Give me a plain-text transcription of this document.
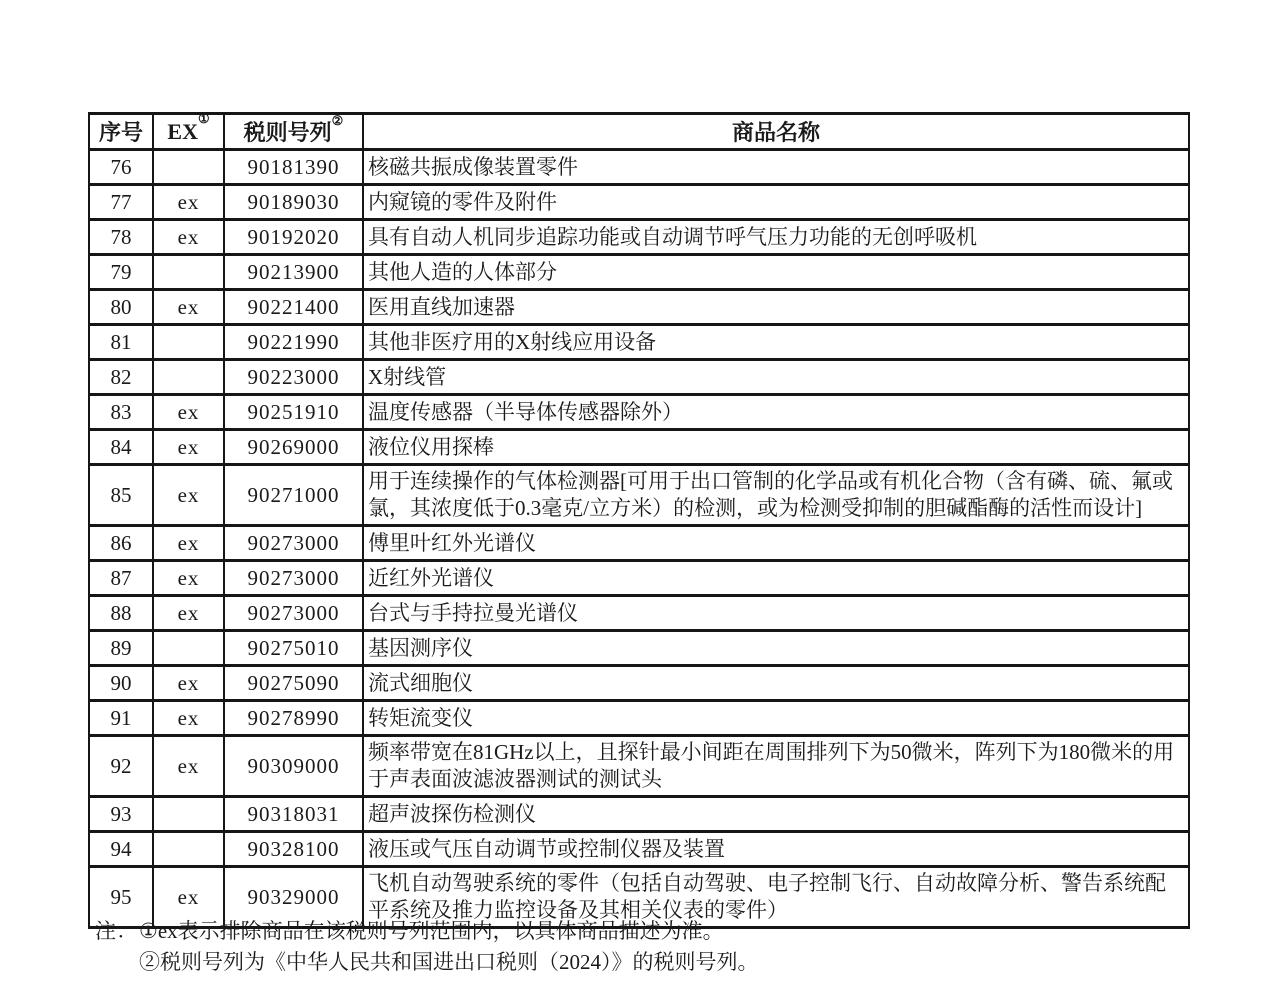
序号	EX①	税则号列②	商品名称
76		90181390	核磁共振成像装置零件
77	ex	90189030	内窥镜的零件及附件
78	ex	90192020	具有自动人机同步追踪功能或自动调节呼气压力功能的无创呼吸机
79		90213900	其他人造的人体部分
80	ex	90221400	医用直线加速器
81		90221990	其他非医疗用的X射线应用设备
82		90223000	X射线管
83	ex	90251910	温度传感器（半导体传感器除外）
84	ex	90269000	液位仪用探棒
85	ex	90271000	用于连续操作的气体检测器[可用于出口管制的化学品或有机化合物（含有磷、硫、氟或氯，其浓度低于0.3毫克/立方米）的检测，或为检测受抑制的胆碱酯酶的活性而设计]
86	ex	90273000	傅里叶红外光谱仪
87	ex	90273000	近红外光谱仪
88	ex	90273000	台式与手持拉曼光谱仪
89		90275010	基因测序仪
90	ex	90275090	流式细胞仪
91	ex	90278990	转矩流变仪
92	ex	90309000	频率带宽在81GHz以上，且探针最小间距在周围排列下为50微米，阵列下为180微米的用于声表面波滤波器测试的测试头
93		90318031	超声波探伤检测仪
94		90328100	液压或气压自动调节或控制仪器及装置
95	ex	90329000	飞机自动驾驶系统的零件（包括自动驾驶、电子控制飞行、自动故障分析、警告系统配平系统及推力监控设备及其相关仪表的零件）
注： ①ex表示排除商品在该税则号列范围内，以具体商品描述为准。
②税则号列为《中华人民共和国进出口税则（2024）》的税则号列。
